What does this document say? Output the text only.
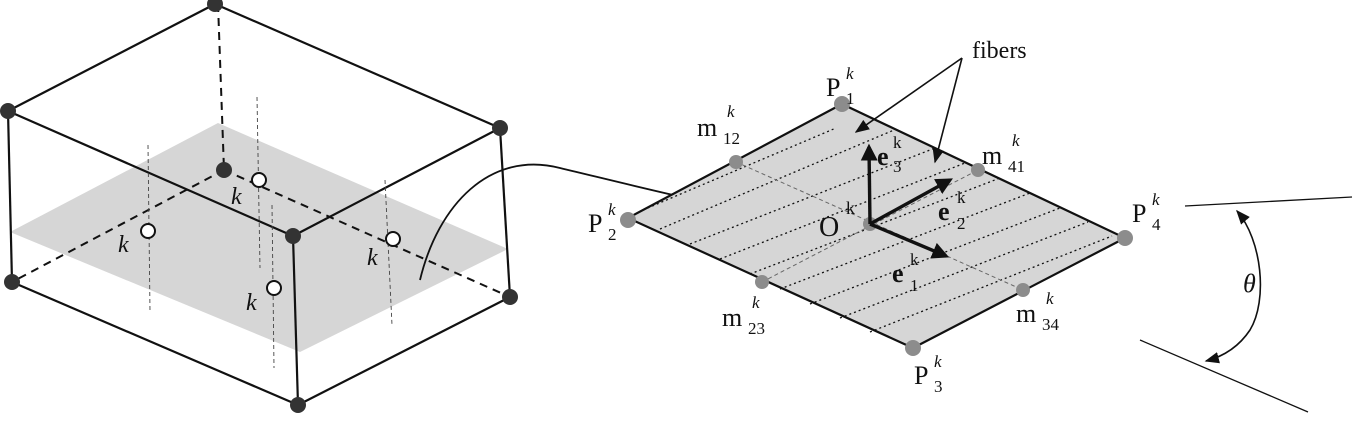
k
k
k
k
fibers
P k
1
P k
2
P k
3
P k
4
m
k
12
m
k
41
m
k
23
m
k
34
O
k
e k
3
e k
2
e k
1	θ
